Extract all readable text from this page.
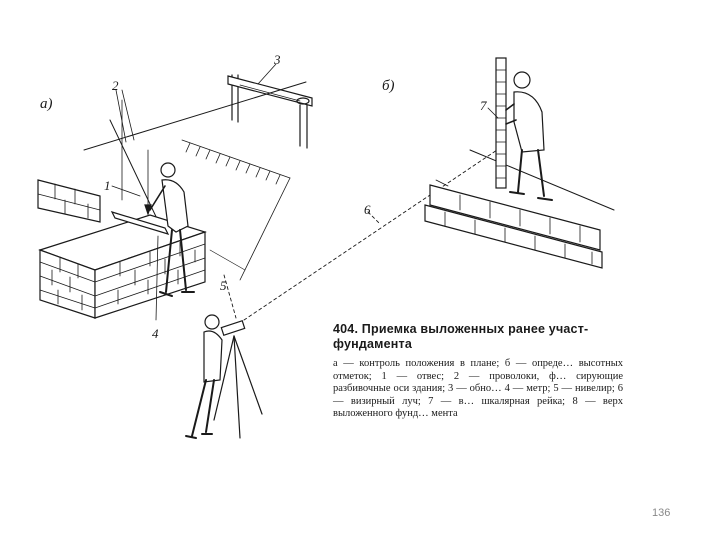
а)
б)
2
3
1
4
5
6
7

404. Приемка выложенных ранее участ-
фундамента

а — контроль положения в плане; б — опреде… высотных отметок; 1 — отвес; 2 — проволоки, ф… сирующие разбивочные оси здания; 3 — обно… 4 — метр; 5 — нивелир; 6 — визирный луч; 7 — в… шкалярная рейка; 8 — верх выложенного фунд… мента

136
